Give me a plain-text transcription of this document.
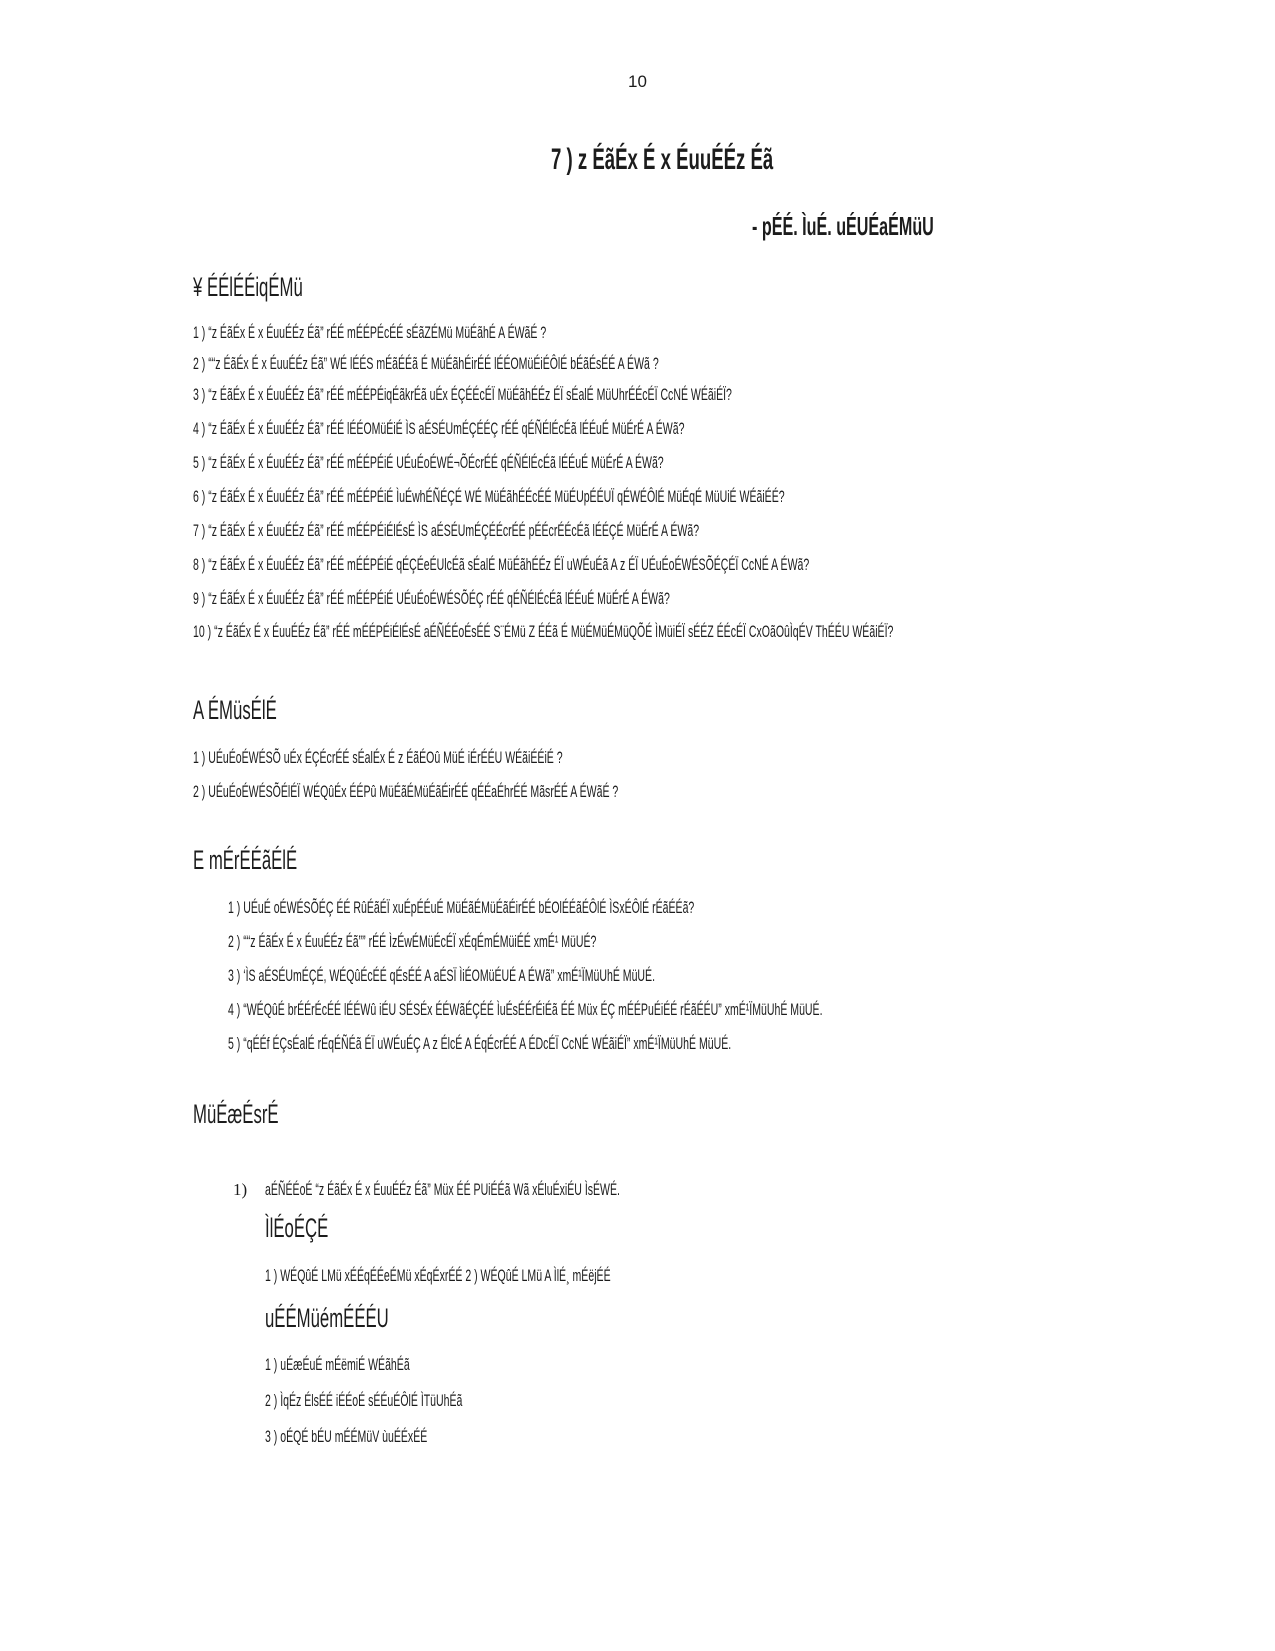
10
7 ) z ÉãÉx É x ÉuuÉÉz Éã
- pÉÉ. ÌuÉ. uÉUÉaÉMüU
¥ ÉÉlÉÉiqÉMü
1 ) “z ÉãÉx É x ÉuuÉÉz Éã” rÉÉ mÉÉPÉcÉÉ sÉãZÉMü MüÉãhÉ A ÉWãÉ ?
2 ) ““z ÉãÉx É x ÉuuÉÉz Éã” WÉ lÉÉS mÉãÉÉã É MüÉãhÉirÉÉ lÉÉOMüÉiÉÔlÉ bÉãÉsÉÉ A ÉWã ?
3 ) “z ÉãÉx É x ÉuuÉÉz Éã” rÉÉ mÉÉPÉiqÉãkrÉã uÉx ÉÇÉÉcÉÏ MüÉãhÉÉz ÉÏ sÉalÉ MüUhrÉÉcÉÏ CcNÉ WÉãiÉÏ?
4 ) “z ÉãÉx É x ÉuuÉÉz Éã” rÉÉ lÉÉOMüÉiÉ ÌS aÉSÉUmÉÇÉÉÇ rÉÉ qÉÑÉlÉcÉã lÉÉuÉ MüÉrÉ A ÉWã?
5 ) “z ÉãÉx É x ÉuuÉÉz Éã” rÉÉ mÉÉPÉiÉ UÉuÉoÉWÉ¬ÕÉcrÉÉ qÉÑÉlÉcÉã lÉÉuÉ MüÉrÉ A ÉWã?
6 ) “z ÉãÉx É x ÉuuÉÉz Éã” rÉÉ mÉÉPÉiÉ ÌuÉwhÉÑÉÇÉ WÉ MüÉãhÉÉcÉÉ MüÉUpÉÉUÏ qÉWÉÔlÉ MüÉqÉ MüUiÉ WÉãiÉÉ?
7 ) “z ÉãÉx É x ÉuuÉÉz Éã” rÉÉ mÉÉPÉiÉlÉsÉ ÌS aÉSÉUmÉÇÉÉcrÉÉ pÉÉcrÉÉcÉã lÉÉÇÉ MüÉrÉ A ÉWã?
8 ) “z ÉãÉx É x ÉuuÉÉz Éã” rÉÉ mÉÉPÉiÉ qÉÇÉeÉUlcÉã sÉalÉ MüÉãhÉÉz ÉÏ uWÉuÉã A z ÉÏ UÉuÉoÉWÉSÕÉÇÉÏ CcNÉ A ÉWã?
9 ) “z ÉãÉx É x ÉuuÉÉz Éã” rÉÉ mÉÉPÉiÉ UÉuÉoÉWÉSÕÉÇ rÉÉ qÉÑÉlÉcÉã lÉÉuÉ MüÉrÉ A ÉWã?
10 ) “z ÉãÉx É x ÉuuÉÉz Éã” rÉÉ mÉÉPÉiÉlÉsÉ aÉÑÉÉoÉsÉÉ S¨ÉMü Z ÉÉã É MüÉMüÉMüQÕÉ ÌMüiÉÏ sÉÉZ ÉÉcÉÏ CxOãOûÌqÉV ThÉÉU WÉãiÉÏ?
A ÉMüsÉlÉ
1 ) UÉuÉoÉWÉSÕ uÉx ÉÇÉcrÉÉ sÉalÉx É z ÉãÉOû MüÉ iÉrÉÉU WÉãiÉÉiÉ ?
2 ) UÉuÉoÉWÉSÕÉlÉÏ WÉQûÉx ÉÉPû MüÉãÉMüÉãÉirÉÉ qÉÉaÉhrÉÉ MãsrÉÉ A ÉWãÉ ?
E mÉrÉÉãÉlÉ
1 ) UÉuÉ oÉWÉSÕÉÇ ÉÉ RûÉãÉÏ xuÉpÉÉuÉ MüÉãÉMüÉãÉirÉÉ bÉOlÉÉãÉÔlÉ ÌSxÉÔlÉ rÉãÉÉã?
2 ) ““z ÉãÉx É x ÉuuÉÉz Éã”” rÉÉ ÌzÉwÉMüÉcÉÏ xÉqÉmÉMüiÉÉ xmÉ¹ MüUÉ?
3 ) ‘ÌS aÉSÉUmÉÇÉ, WÉQûÉcÉÉ qÉsÉÉ A aÉSÏ ÌiÉOMüÉUÉ A ÉWã” xmÉ¹ÏMüUhÉ MüUÉ.
4 ) “WÉQûÉ brÉÉrÉcÉÉ lÉÉWû iÉU SÉSÉx ÉÉWãÉÇÉÉ ÌuÉsÉÉrÉiÉã ÉÉ Müx ÉÇ mÉÉPuÉiÉÉ rÉãÉÉU” xmÉ¹ÏMüUhÉ MüUÉ.
5 ) “qÉÉf ÉÇsÉalÉ rÉqÉÑÉã ÉÏ uWÉuÉÇ A z ÉlcÉ A ÉqÉcrÉÉ A ÉDcÉÏ CcNÉ WÉãiÉÏ” xmÉ¹ÏMüUhÉ MüUÉ.
MüÉæÉsrÉ
1) aÉÑÉÉoÉ “z ÉãÉx É x ÉuuÉÉz Éã” Müx ÉÉ PUiÉÉã Wã xÉluÉxiÉU ÌsÉWÉ.
ÌlÉoÉÇÉ
1 ) WÉQûÉ LMü xÉÉqÉÉeÉMü xÉqÉxrÉÉ 2 ) WÉQûÉ LMü A ÌlÉ¸ mÉëjÉÉ
uÉÉMüémÉÉÉU
1 ) uÉæÉuÉ mÉëmiÉ WÉãhÉã
2 ) ÌqÉz ÉlsÉÉ iÉÉoÉ sÉÉuÉÔlÉ ÌTüUhÉã
3 ) oÉQÉ bÉU mÉÉMüV ùuÉÉxÉÉ
